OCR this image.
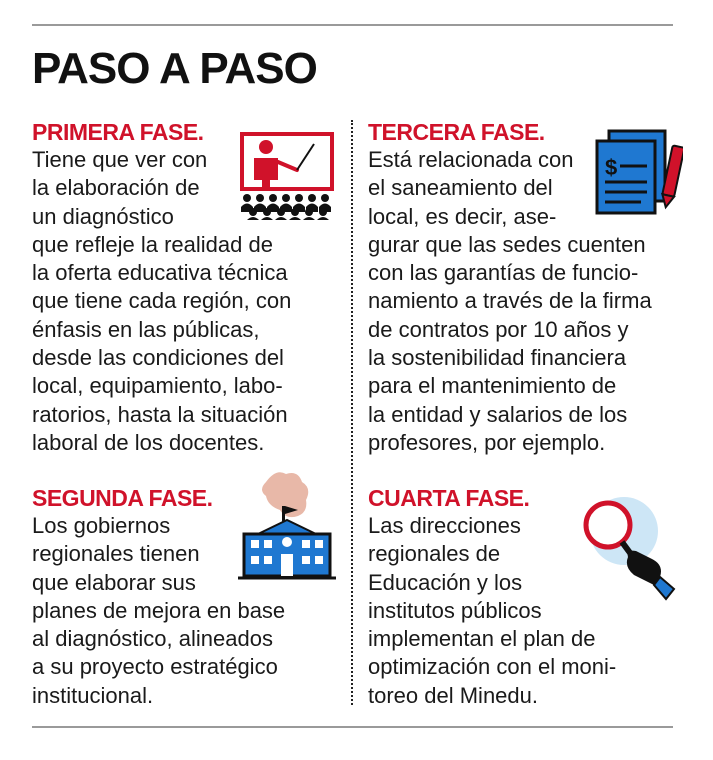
PASO A PASO
PRIMERA FASE.
Tiene que ver con
la elaboración de
un diagnóstico
que refleje la realidad de
la oferta educativa técnica
que tiene cada región, con
énfasis en las públicas,
desde las condiciones del
local, equipamiento, labo-
ratorios, hasta la situación
laboral de los docentes.
TERCERA FASE.
Está relacionada con
el saneamiento del
local, es decir, ase-
gurar que las sedes cuenten
con las garantías de funcio-
namiento a través de la firma
de contratos por 10 años y
la sostenibilidad financiera
para el mantenimiento de
la entidad y salarios de los
profesores, por ejemplo.
SEGUNDA FASE.
Los gobiernos
regionales tienen
que elaborar sus
planes de mejora en base
al diagnóstico, alineados
a su proyecto estratégico
institucional.
CUARTA FASE.
Las direcciones
regionales de
Educación y los
institutos públicos
implementan el plan de
optimización con el moni-
toreo del Minedu.
$
